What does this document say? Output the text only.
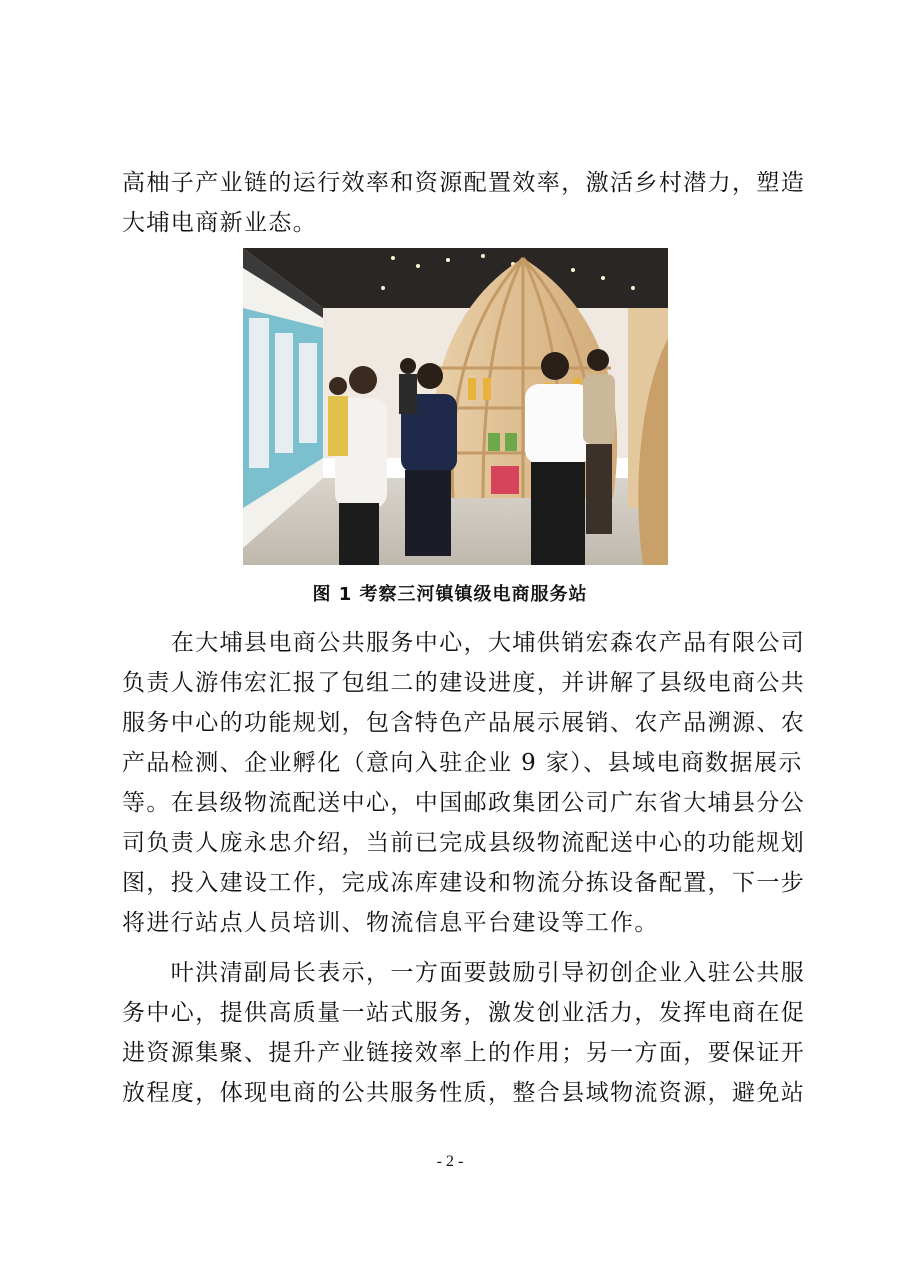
高柚子产业链的运行效率和资源配置效率，激活乡村潜力，塑造
大埔电商新业态。
图 1 考察三河镇镇级电商服务站
　　在大埔县电商公共服务中心，大埔供销宏森农产品有限公司
负责人游伟宏汇报了包组二的建设进度，并讲解了县级电商公共
服务中心的功能规划，包含特色产品展示展销、农产品溯源、农
产品检测、企业孵化（意向入驻企业 9 家）、县域电商数据展示
等。在县级物流配送中心，中国邮政集团公司广东省大埔县分公
司负责人庞永忠介绍，当前已完成县级物流配送中心的功能规划
图，投入建设工作，完成冻库建设和物流分拣设备配置，下一步
将进行站点人员培训、物流信息平台建设等工作。
　　叶洪清副局长表示，一方面要鼓励引导初创企业入驻公共服
务中心，提供高质量一站式服务，激发创业活力，发挥电商在促
进资源集聚、提升产业链接效率上的作用；另一方面，要保证开
放程度，体现电商的公共服务性质，整合县域物流资源，避免站
- 2 -
